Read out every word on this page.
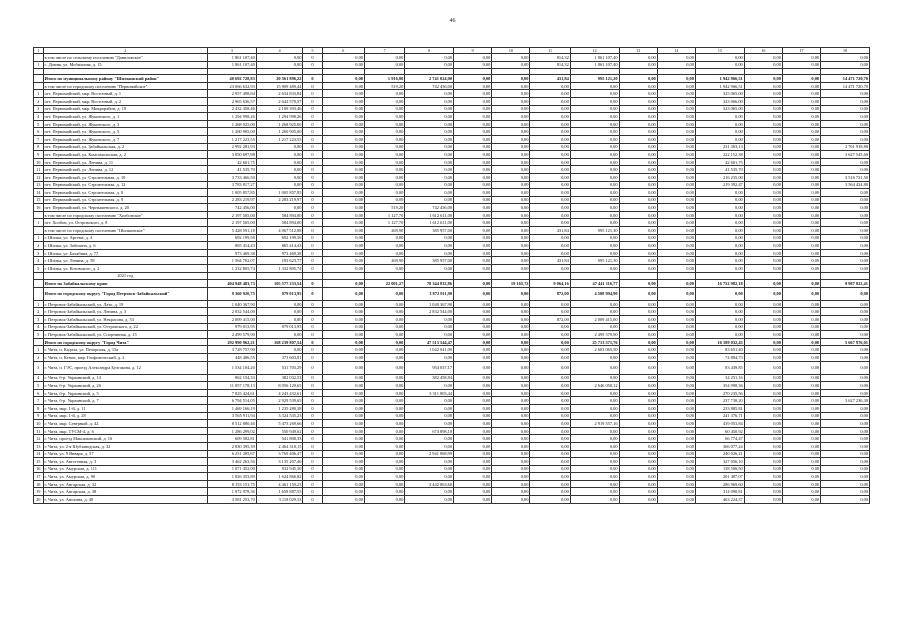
46
1	2	3	4	5	6	7	8	9	10	11	12	13	14	15	16	17	18
	в том числе по сельскому поселению "Даниловское"	1 861 107,40	0,00	0	0,00	0,00	0,00	0,00	0,00	814,32	1 861 107,40	0,00	0,00	0,00	0,00	0,00	0,00
1	с. Домна, ул. Мобильная, д. 15	1 861 107,40	0,00	0	0,00	0,00	0,00	0,00	0,00	814,32	1 861 107,40	0,00	0,00	0,00	0,00	0,00	0,00

	Итого по муниципальному району "Шилкинский район"	40 692 728,83	20 561 896,22	0	0,00	1 916,80	2 741 024,00	0,00	0,00	431,84	995 121,20	0,00	0,00	1 942 966,51	0,00	0,00	14 471 720,70
	в том числе по городскому поселению "Первомайское"	23 066 632,93	15 909 489,44	0	0,00	519,20	742 456,00	0,00	0,00	0,00	0,00	0,00	0,00	1 942 966,51	0,00	0,00	14 471 720,70
1	пгт. Первомайский, мкр. Восточный, д. 1	2 957 498,84	2 634 833,84	0	0,00	0,00	0,00	0,00	0,00	0,00	0,00	0,00	0,00	325 065,00	0,00	0,00	0,00
2	пгт. Первомайский, мкр. Восточный, д. 2	2 965 636,57	2 642 570,57	0	0,00	0,00	0,00	0,00	0,00	0,00	0,00	0,00	0,00	323 066,00	0,00	0,00	0,00
3	пгт. Первомайский, мкр. Микрорайон, д. 19	2 432 458,46	2 109 393,46	0	0,00	0,00	0,00	0,00	0,00	0,00	0,00	0,00	0,00	323 065,00	0,00	0,00	0,00
4	пгт. Первомайский, ул. Жуковского, д. 1	1 294 998,26	1 294 998,26	0	0,00	0,00	0,00	0,00	0,00	0,00	0,00	0,00	0,00	0,00	0,00	0,00	0,00
5	пгт. Первомайский, ул. Жуковского, д. 3	1 268 925,00	1 268 925,00	0	0,00	0,00	0,00	0,00	0,00	0,00	0,00	0,00	0,00	0,00	0,00	0,00	0,00
6	пгт. Первомайский, ул. Жуковского, д. 5	1 260 905,00	1 260 905,00	0	0,00	0,00	0,00	0,00	0,00	0,00	0,00	0,00	0,00	0,00	0,00	0,00	0,00
7	пгт. Первомайский, ул. Жуковского, д. 7	1 217 223,55	1 217 223,55	0	0,00	0,00	0,00	0,00	0,00	0,00	0,00	0,00	0,00	0,00	0,00	0,00	0,00
8	пгт. Первомайский, ул. Забайкальская, д. 2	2 992 281,93	0,00	0	0,00	0,00	0,00	0,00	0,00	0,00	0,00	0,00	0,00	231 363,13	0,00	0,00	2 761 918,80
9	пгт. Первомайский, ул. Комсомольская, д. 2	3 850 697,98	0,00	0	0,00	0,00	0,00	0,00	0,00	0,00	0,00	0,00	0,00	222 152,38	0,00	0,00	3 627 545,60
10	пгт. Первомайский, ул. Ленина, д. 11	42 601,75	0,00	0	0,00	0,00	0,00	0,00	0,00	0,00	0,00	0,00	0,00	42 601,75	0,00	0,00	0,00
11	пгт. Первомайский, ул. Ленина, д. 12	41 535,70	0,00	0	0,00	0,00	0,00	0,00	0,00	0,00	0,00	0,00	0,00	41 535,70	0,00	0,00	0,00
12	пгт. Первомайский, ул. Строительная, д. 10	3 733 466,50	0,00	0	0,00	0,00	0,00	0,00	0,00	0,00	0,00	0,00	0,00	216 235,00	0,00	0,00	3 516 721,50
13	пгт. Первомайский, ул. Строительная, д. 12	3 783 817,27	0,00	0	0,00	0,00	0,00	0,00	0,00	0,00	0,00	0,00	0,00	219 392,47	0,00	0,00	3 564 424,80
14	пгт. Первомайский, ул. Строительная, д. 8	1 005 857,85	1 005 857,85	0	0,00	0,00	0,00	0,00	0,00	0,00	0,00	0,00	0,00	0,00	0,00	0,00	0,00
15	пгт. Первомайский, ул. Строительная, д. 9	2 283 219,97	2 283 219,97	0	0,00	0,00	0,00	0,00	0,00	0,00	0,00	0,00	0,00	0,00	0,00	0,00	0,00
16	пгт. Первомайский, ул. Чернышевского, д. 20	742 456,00	0,00	0	0,00	519,20	742 456,00	0,00	0,00	0,00	0,00	0,00	0,00	0,00	0,00	0,00	0,00
	в том числе по городскому поселению "Холбонское"	2 197 505,00	584 894,00	0	0,00	1 127,70	1 612 611,00	0,00	0,00	0,00	0,00	0,00	0,00	0,00	0,00	0,00	0,00
1	пгт. Холбон, ул. Островского, д. 8	2 197 505,00	584 894,00	0	0,00	1 127,70	1 612 611,00	0,00	0,00	0,00	0,00	0,00	0,00	0,00	0,00	0,00	0,00
	в том числе по городскому поселению "Шилкинское"	5 428 591,18	4 067 512,88	0	0,00	269,90	385 957,00	0,00	0,00	431,84	995 121,30	0,00	0,00	0,00	0,00	0,00	0,00
1	г. Шилка, ул. Артема, д. 4	692 199,56	692 199,56	0	0,00	0,00	0,00	0,00	0,00	0,00	0,00	0,00	0,00	0,00	0,00	0,00	0,00
2	г. Шилка, ул. Забелина, д. 6	865 414,43	865 414,43	0	0,00	0,00	0,00	0,00	0,00	0,00	0,00	0,00	0,00	0,00	0,00	0,00	0,00
3	г. Шилка, ул. Балябина, д. 77	973 469,38	973 469,38	0	0,00	0,00	0,00	0,00	0,00	0,00	0,00	0,00	0,00	0,00	0,00	0,00	0,00
4	г. Шилка, ул. Ленина, д. 58	1 564 702,07	183 623,77	0	0,00	269,90	385 957,00	0,00	0,00	431,84	995 121,30	0,00	0,00	0,00	0,00	0,00	0,00
5	г. Шилка, ул. Котовского, д. 2	1 332 805,74	1 332 805,74	0	0,00	0,00	0,00	0,00	0,00	0,00	0,00	0,00	0,00	0,00	0,00	0,00	0,00
	2021 год																
	Итого по Забайкальскому краю	404 948 483,73	105 577 233,54	0	0,00	22 001,27	78 344 832,86	0,00	19 165,72	9 064,16	47 441 116,77	0,00	0,00	16 752 982,18	0,00	0,00	9 987 822,41
	Итого по городскому округу "Город Петровск-Забайкальский"	9 360 920,75	979 013,95	0	0,00	0,00	3 872 911,90	0,00	0,00	872,00	4 508 994,90	0,00	0,00	0,00	0,00	0,00	0,00
1	г. Петровск-Забайкальский, ул. Лазо, д. 19	1 040 367,90	0,00	0	0,00	0,00	1 040 367,90	0,00	0,00	0,00	0,00	0,00	0,00	0,00	0,00	0,00	0,00
2	г. Петровск-Забайкальский, ул. Ленина, д. 3	2 832 544,00	0,00	0	0,00	0,00	2 832 544,00	0,00	0,00	0,00	0,00	0,00	0,00	0,00	0,00	0,00	0,00
3	г. Петровск-Забайкальский, ул. Некрасова, д. 53	2 009 415,00	0,00	0	0,00	0,00	0,00	0,00	0,00	872,00	2 009 415,00	0,00	0,00	0,00	0,00	0,00	0,00
4	г. Петровск-Забайкальский, ул. Островского, д. 22	979 013,95	979 013,95	0	0,00	0,00	0,00	0,00	0,00	0,00	0,00	0,00	0,00	0,00	0,00	0,00	0,00
5	г. Петровск-Забайкальский, ул. Спортивная, д. 15	2 499 579,90	0,00	0	0,00	0,00	0,00	0,00	0,00	0,00	2 499 579,90	0,00	0,00	0,00	0,00	0,00	0,00
	Итого по городскому округу "Город Чита"	292 990 962,21	168 239 807,54	0	0,00	0,00	47 513 544,47	0,00	0,00	0,00	25 713 571,76	0,00	0,00	16 189 032,43	0,00	0,00	5 667 976,01
1	г. Чита, п. Кадала, ул. Печорская, д. 15а	3 728 757,90	0,00	0	0,00	0,00	1 042 041,00	0,00	0,00	0,00	2 603 065,50	0,00	0,00	83 651,40	0,00	0,00	0,00
2	г. Чита, п. Кенон, мкр. Геофизический, д. 2	448 486,55	373 603,81	0	0,00	0,00	0,00	0,00	0,00	0,00	0,00	0,00	0,00	74 884,73	0,00	0,00	0,00
3	г. Чита, п. ГЭС, проезд Александра Булгакова, д. 12	1 534 104,20	531 703,29	0	0,00	0,00	954 037,17	0,00	0,00	0,00	0,00	0,00	0,00	83 439,85	0,00	0,00	0,00
4	г. Чита, б-р. Украинский, д. 14	862 154,33	382 032,53	0	0,00	0,00	382 458,84	0,00	0,00	0,00	0,00	0,00	0,00	34 251,16	0,00	0,00	0,00
5	г. Чита, б-р. Украинский, д. 2б	11 057 178,13	8 056 129,65	0	0,00	0,00	0,00	0,00	0,00	0,00	2 646 050,12	0,00	0,00	354 998,36	0,00	0,00	0,00
6	г. Чита, б-р. Украинский, д. 5	7 825 424,61	4 243 432,61	0	0,00	0,00	3 311 803,44	0,00	0,00	0,00	0,00	0,00	0,00	270 235,56	0,00	0,00	0,00
7	г. Чита, б-р. Украинский, д. 7	6 794 514,05	2 929 539,65	0	0,00	0,00	0,00	0,00	0,00	0,00	0,00	0,00	0,00	237 738,20	0,00	0,00	3 627 236,30
8	г. Чита, мкр. 1-й, д. 11	1 469 166,19	1 235 280,38	0	0,00	0,00	0,00	0,00	0,00	0,00	0,00	0,00	0,00	233 885,81	0,00	0,00	0,00
9	г. Чита, мкр. 1-й, д. 28	3 565 911,94	3 324 535,23	0	0,00	0,00	0,00	0,00	0,00	0,00	0,00	0,00	0,00	241 376,71	0,00	0,00	0,00
10	г. Чита, мкр. Северный, д. 42	8 512 880,46	5 473 269,66	0	0,00	0,00	0,00	0,00	0,00	0,00	2 919 557,16	0,00	0,00	419 053,84	0,00	0,00	0,00
11	г. Чита, мкр. ТУСМ-4, д. 6	1 286 299,02	550 949,62	0	0,00	0,00	674 898,18	0,00	0,00	0,00	0,00	0,00	0,00	60 450,92	0,00	0,00	0,00
12	г. Чита, проезд Максимовский, д. 16	609 582,81	541 808,33	0	0,00	0,00	0,00	0,00	0,00	0,00	0,00	0,00	0,00	66 774,47	0,00	0,00	0,00
13	г. Чита, ул. 2-я Шубзаводская, д. 32	2 830 395,39	2 464 318,15	0	0,00	0,00	0,00	0,00	0,00	0,00	0,00	0,00	0,00	366 077,24	0,00	0,00	0,00
14	г. Чита, ул. 9 Января, д. 57	6 251 285,67	3 769 406,47	0	0,00	0,00	2 941 868,99	0,00	0,00	0,00	0,00	0,00	0,00	240 026,21	0,00	0,00	0,00
15	г. Чита, ул. Автогенная, д. 3	3 462 263,56	3 135 207,46	0	0,00	0,00	0,00	0,00	0,00	0,00	0,00	0,00	0,00	327 056,10	0,00	0,00	0,00
16	г. Чита, ул. Амурская, д. 111	1 071 452,90	932 945,30	0	0,00	0,00	0,00	0,00	0,00	0,00	0,00	0,00	0,00	138 506,50	0,00	0,00	0,00
17	г. Чита, ул. Амурская, д. 90	1 826 353,89	1 624 866,82	0	0,00	0,00	0,00	0,00	0,00	0,00	0,00	0,00	0,00	201 487,07	0,00	0,00	0,00
18	г. Чита, ул. Ангарская, д. 32	8 153 151,75	4 461 159,23	0	0,00	0,00	3 442 863,60	0,00	0,00	0,00	0,00	0,00	0,00	286 969,60	0,00	0,00	0,00
19	г. Чита, ул. Ангарская, д. 38	1 972 978,36	1 658 887,55	0	0,00	0,00	0,00	0,00	0,00	0,00	0,00	0,00	0,00	314 090,81	0,00	0,00	0,00
20	г. Чита, ул. Анохина, д. 49	3 581 253,70	3 118 029,33	0	0,00	0,00	0,00	0,00	0,00	0,00	0,00	0,00	0,00	463 224,37	0,00	0,00	0,00
